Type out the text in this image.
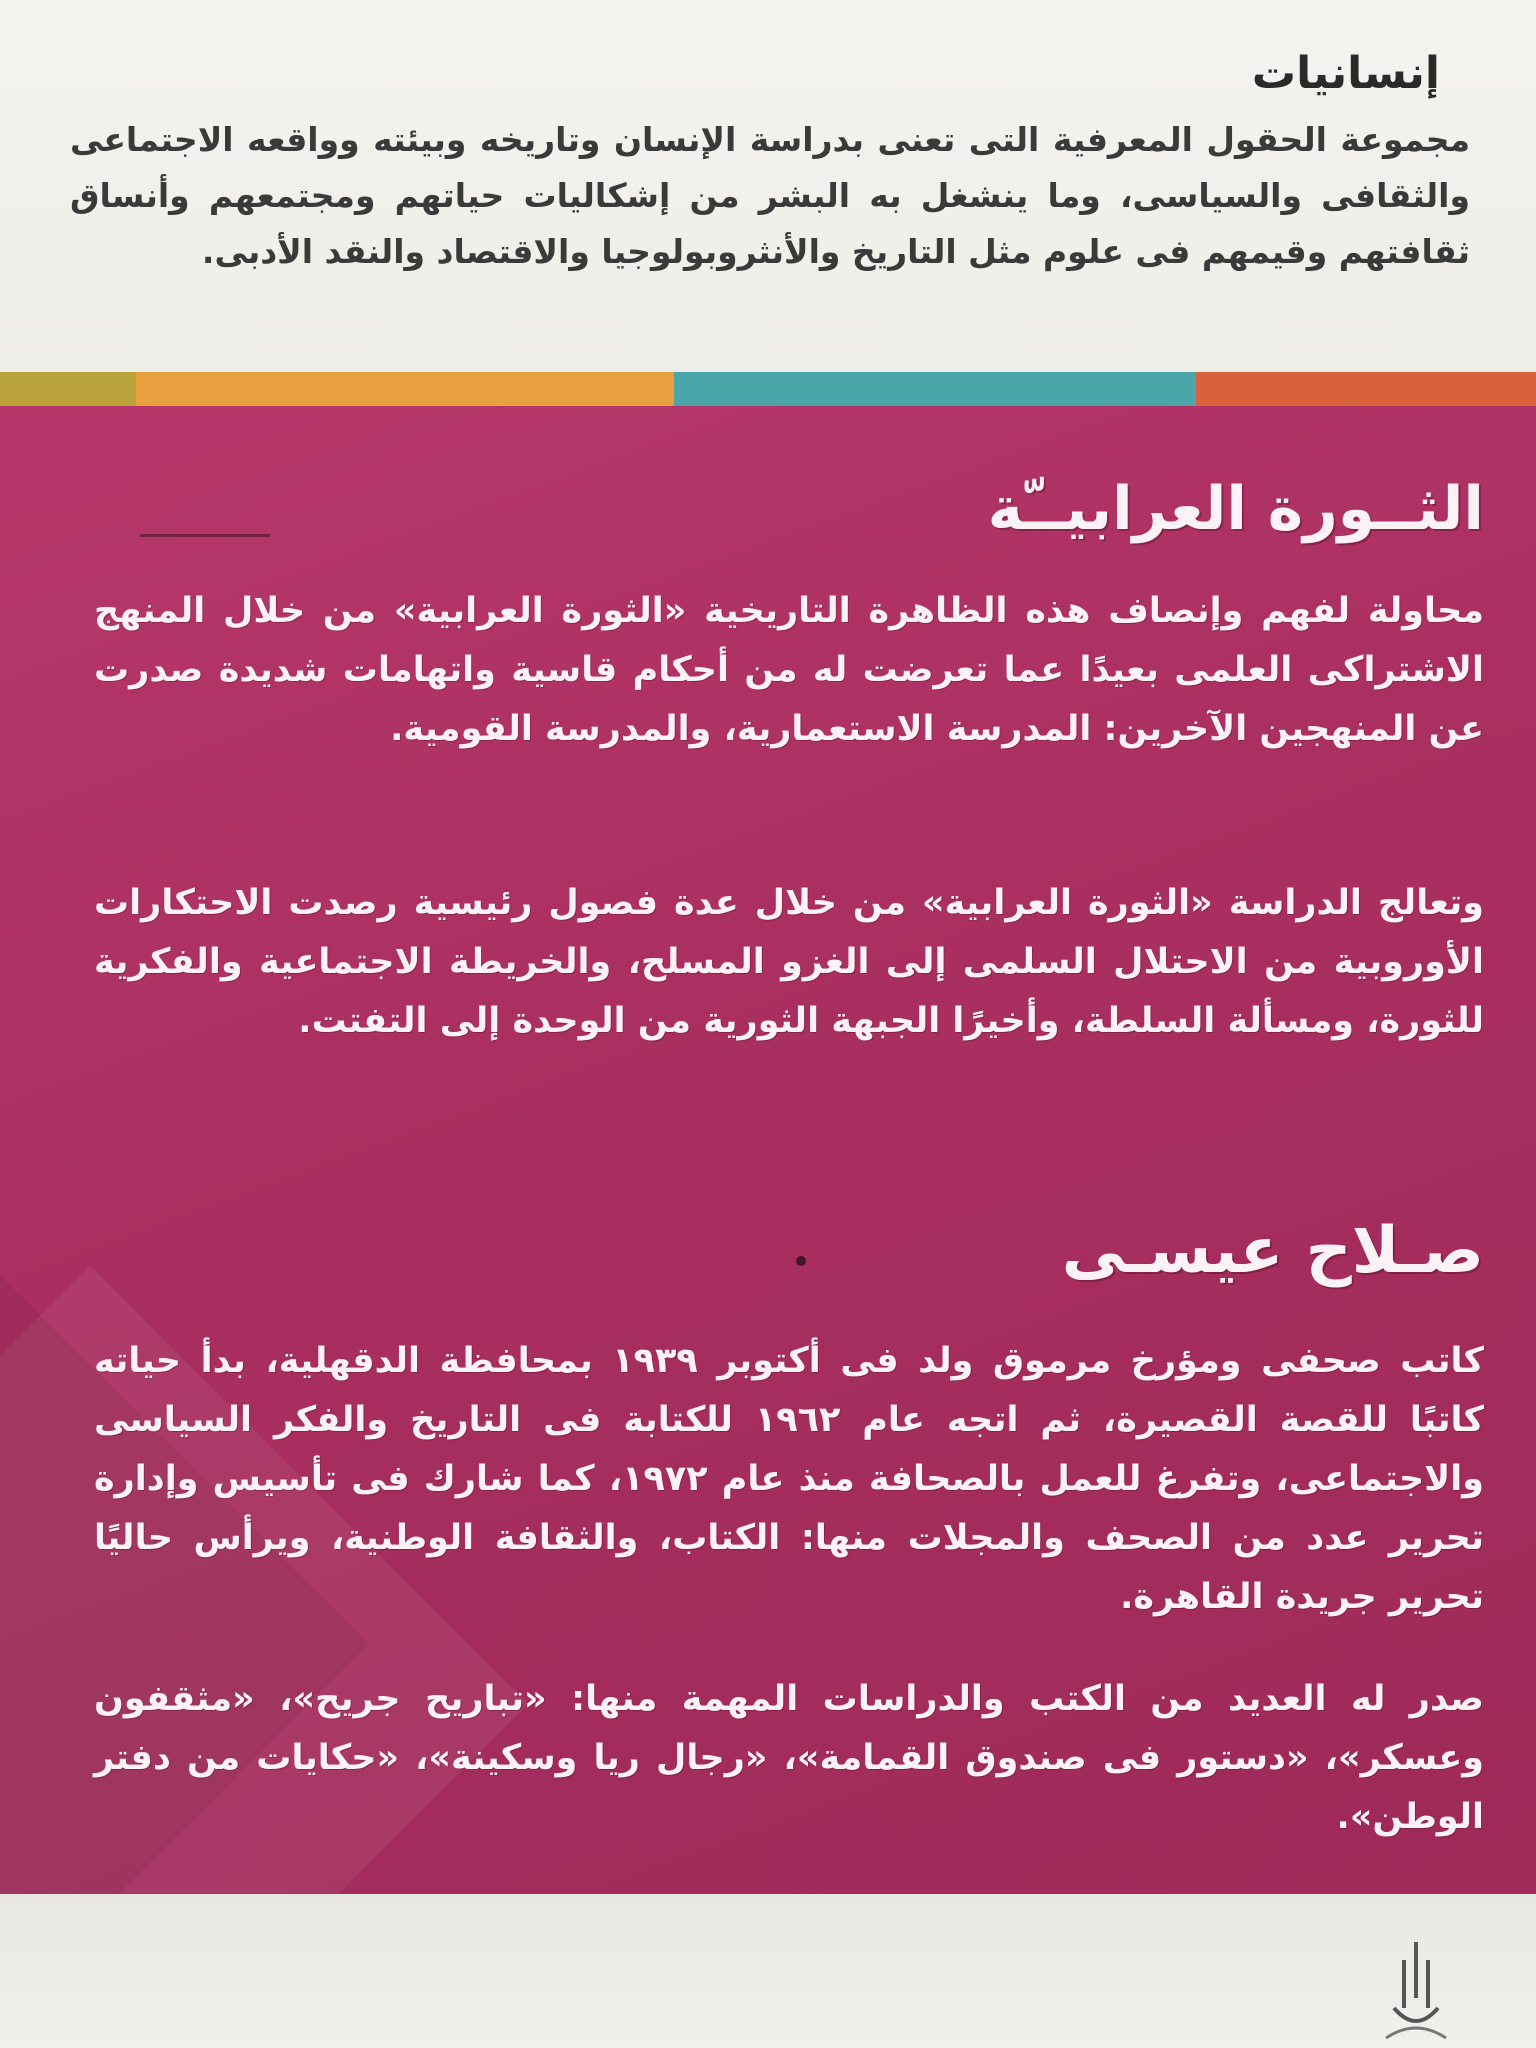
إنسانيات

مجموعة الحقول المعرفية التى تعنى بدراسة الإنسان وتاريخه وبيئته وواقعه الاجتماعى والثقافى والسياسى، وما ينشغل به البشر من إشكاليات حياتهم ومجتمعهم وأنساق ثقافتهم وقيمهم فى علوم مثل التاريخ والأنثروبولوجيا والاقتصاد والنقد الأدبى.

الثــورة العرابيــّة

محاولة لفهم وإنصاف هذه الظاهرة التاريخية «الثورة العرابية» من خلال المنهج الاشتراكى العلمى بعيدًا عما تعرضت له من أحكام قاسية واتهامات شديدة صدرت عن المنهجين الآخرين: المدرسة الاستعمارية، والمدرسة القومية.

وتعالج الدراسة «الثورة العرابية» من خلال عدة فصول رئيسية رصدت الاحتكارات الأوروبية من الاحتلال السلمى إلى الغزو المسلح، والخريطة الاجتماعية والفكرية للثورة، ومسألة السلطة، وأخيرًا الجبهة الثورية من الوحدة إلى التفتت.

صـلاح عيسـى

كاتب صحفى ومؤرخ مرموق ولد فى أكتوبر ١٩٣٩ بمحافظة الدقهلية، بدأ حياته كاتبًا للقصة القصيرة، ثم اتجه عام ١٩٦٢ للكتابة فى التاريخ والفكر السياسى والاجتماعى، وتفرغ للعمل بالصحافة منذ عام ١٩٧٢، كما شارك فى تأسيس وإدارة تحرير عدد من الصحف والمجلات منها: الكتاب، والثقافة الوطنية، ويرأس حاليًا تحرير جريدة القاهرة.

صدر له العديد من الكتب والدراسات المهمة منها: «تباريح جريح»، «مثقفون وعسكر»، «دستور فى صندوق القمامة»، «رجال ريا وسكينة»، «حكايات من دفتر الوطن».
